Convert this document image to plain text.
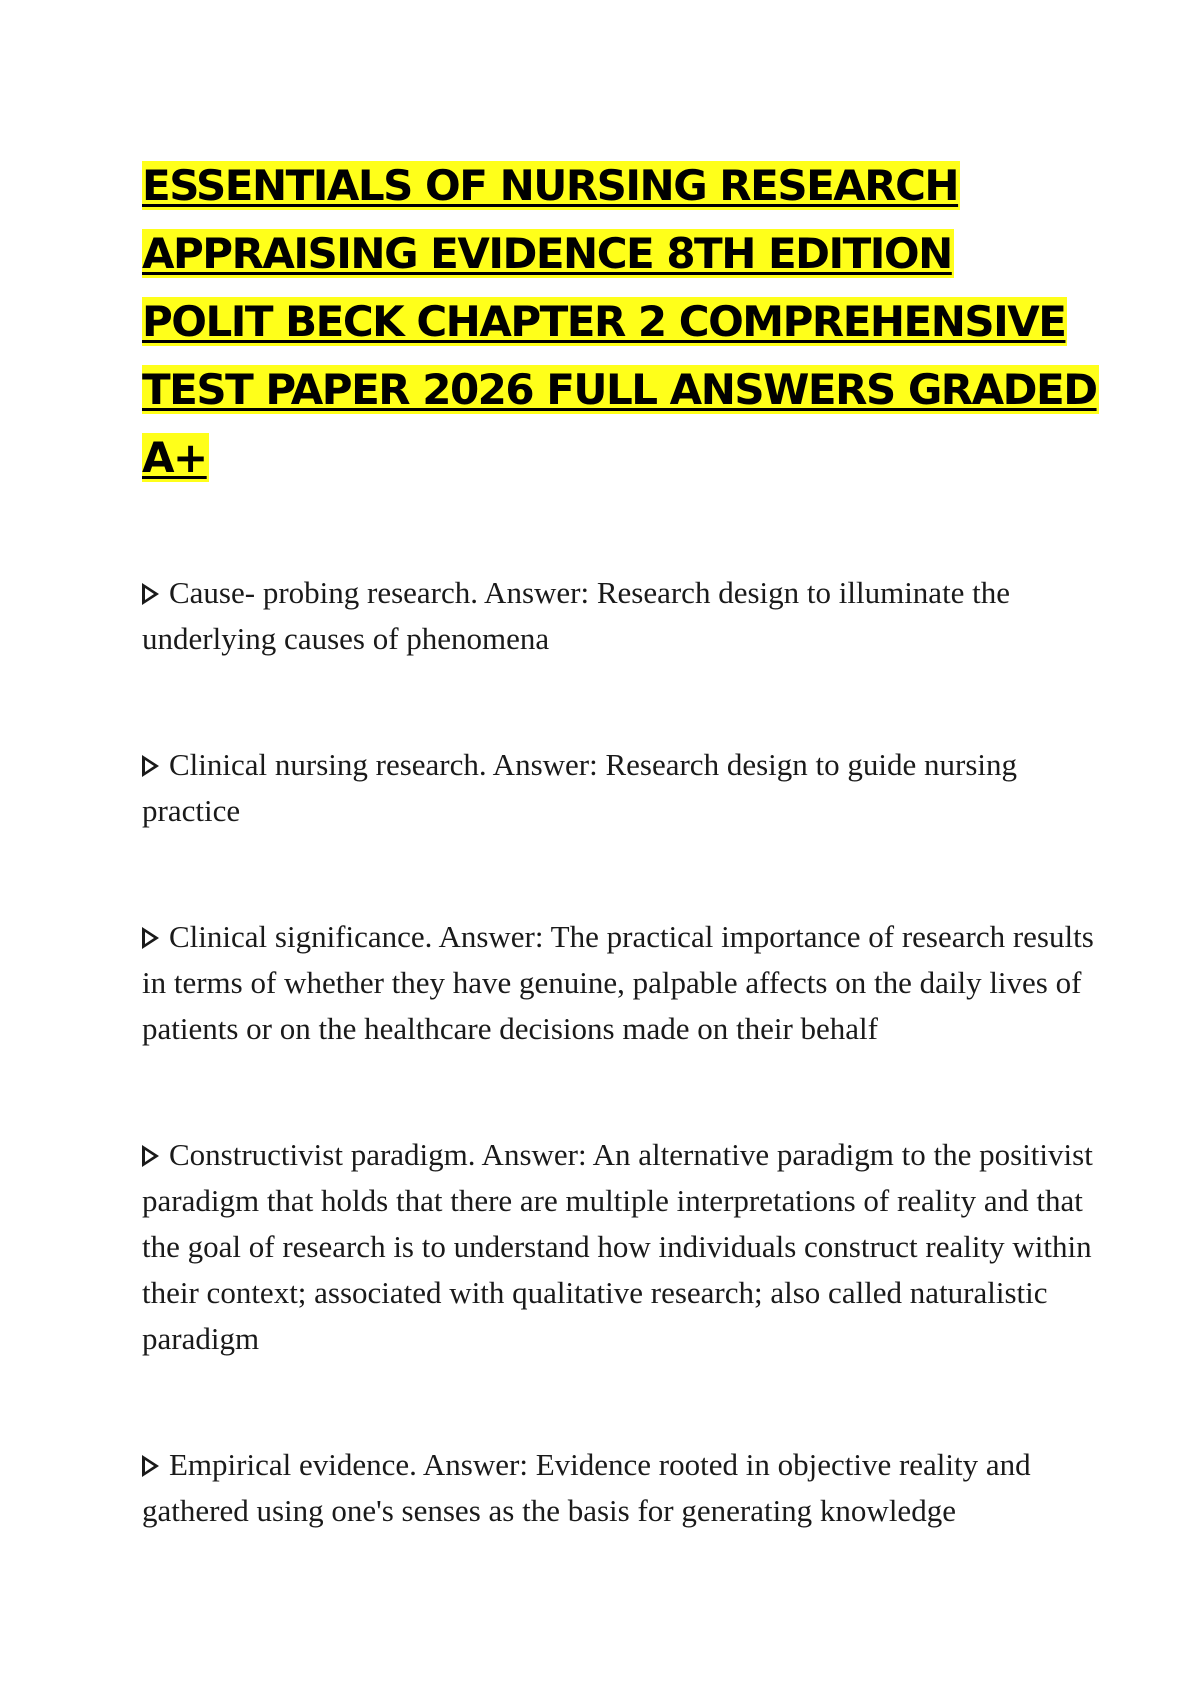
ESSENTIALS OF NURSING RESEARCH

APPRAISING EVIDENCE 8TH EDITION

POLIT BECK CHAPTER 2 COMPREHENSIVE

TEST PAPER 2026 FULL ANSWERS GRADED

A+

Cause- probing research. Answer: Research design to illuminate the underlying causes of phenomena
Clinical nursing research. Answer: Research design to guide nursing practice
Clinical significance. Answer: The practical importance of research results in terms of whether they have genuine, palpable affects on the daily lives of patients or on the healthcare decisions made on their behalf
Constructivist paradigm. Answer: An alternative paradigm to the positivist paradigm that holds that there are multiple interpretations of reality and that the goal of research is to understand how individuals construct reality within their context; associated with qualitative research; also called naturalistic paradigm
Empirical evidence. Answer: Evidence rooted in objective reality and gathered using one's senses as the basis for generating knowledge
